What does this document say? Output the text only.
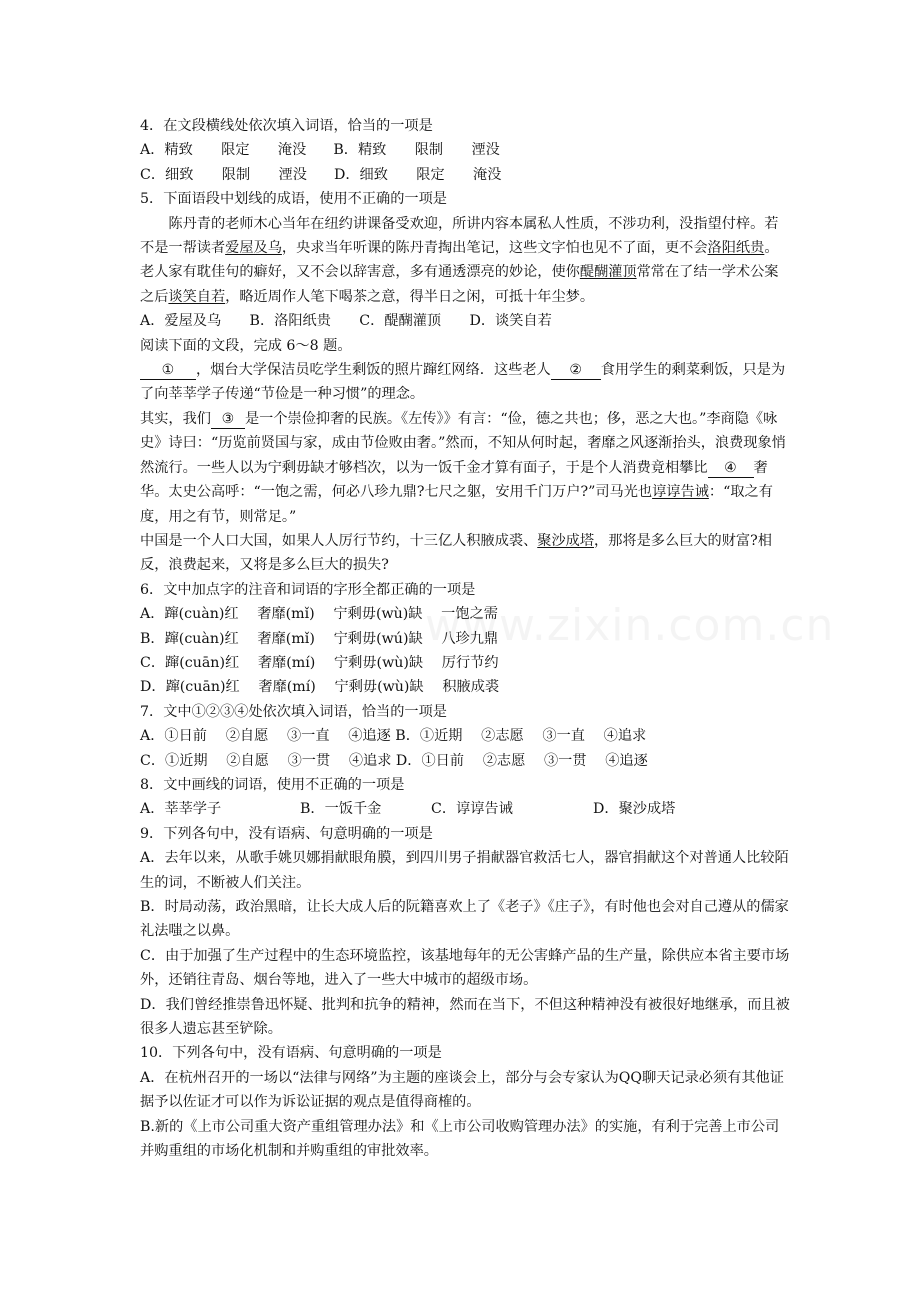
www.zixin.com.cn
4．在文段横线处依次填入词语，恰当的一项是
A．精致　　限定　　淹没 B．精致　　限制　　湮没
C．细致　　限制　　湮没 D．细致　　限定　　淹没
5．下面语段中划线的成语，使用不正确的一项是
陈丹青的老师木心当年在纽约讲课备受欢迎，所讲内容本属私人性质，不涉功利，没指望付梓。若不是一帮读者爱屋及乌，央求当年听课的陈丹青掏出笔记，这些文字怕也见不了面，更不会洛阳纸贵。老人家有耽佳句的癖好，又不会以辞害意，多有通透漂亮的妙论，使你醍醐灌顶常常在了结一学术公案之后谈笑自若，略近周作人笔下喝茶之意，得半日之闲，可抵十年尘梦。
A．爱屋及乌　　B．洛阳纸贵　　C．醍醐灌顶　　D．谈笑自若
阅读下面的文段，完成 6～8 题。
① ，烟台大学保洁员吃学生剩饭的照片蹿红网络．这些老人 ② 食用学生的剩菜剩饭，只是为了向莘莘学子传递“节俭是一种习惯”的理念。
其实，我们 ③ 是一个崇俭抑奢的民族。《左传》》有言：“俭，德之共也；侈，恶之大也。”李商隐《咏史》诗曰：“历览前贤国与家，成由节俭败由奢。”然而，不知从何时起，奢靡之风逐渐抬头，浪费现象悄然流行。一些人以为宁剩毋缺才够档次，以为一饭千金才算有面子，于是个人消费竟相攀比 ④ 奢华。太史公高呼：“一饱之需，何必八珍九鼎?七尺之躯，安用千门万户?”司马光也谆谆告诫：“取之有度，用之有节，则常足。”
中国是一个人口大国，如果人人厉行节约，十三亿人积腋成裘、聚沙成塔，那将是多么巨大的财富?相反，浪费起来，又将是多么巨大的损失?
6．文中加点字的注音和词语的字形全都正确的一项是
A．蹿(cuàn)红　 奢靡(mǐ)　 宁剩毋(wù)缺　 一饱之需
B．蹿(cuàn)红　 奢靡(mǐ)　 宁剩毋(wú)缺　 八珍九鼎
C．蹿(cuān)红　 奢靡(mí)　 宁剩毋(wù)缺　 厉行节约
D．蹿(cuān)红　 奢靡(mí)　 宁剩毋(wù)缺　 积腋成裘
7．文中①②③④处依次填入词语，恰当的一项是
A．①日前　 ②自愿　 ③一直　 ④追逐 B．①近期　 ②志愿　 ③一直　 ④追求
C．①近期　 ②自愿　 ③一贯　 ④追求 D．①日前　 ②志愿　 ③一贯　 ④追逐
8．文中画线的词语，使用不正确的一项是
A．莘莘学子	B．一饭千金	C．谆谆告诫	D．聚沙成塔
9．下列各句中，没有语病、句意明确的一项是
A．去年以来，从歌手姚贝娜捐献眼角膜，到四川男子捐献器官救活七人，器官捐献这个对普通人比较陌生的词，不断被人们关注。
B．时局动荡，政治黑暗，让长大成人后的阮籍喜欢上了《老子》《庄子》，有时他也会对自己遵从的儒家礼法嗤之以鼻。
C．由于加强了生产过程中的生态环境监控，该基地每年的无公害蜂产品的生产量，除供应本省主要市场外，还销往青岛、烟台等地，进入了一些大中城市的超级市场。
D．我们曾经推崇鲁迅怀疑、批判和抗争的精神，然而在当下，不但这种精神没有被很好地继承，而且被很多人遗忘甚至铲除。
10．下列各句中，没有语病、句意明确的一项是
A．在杭州召开的一场以“法律与网络”为主题的座谈会上，部分与会专家认为QQ聊天记录必须有其他证据予以佐证才可以作为诉讼证据的观点是值得商榷的。
B.新的《上市公司重大资产重组管理办法》和《上市公司收购管理办法》的实施，有利于完善上市公司并购重组的市场化机制和并购重组的审批效率。
